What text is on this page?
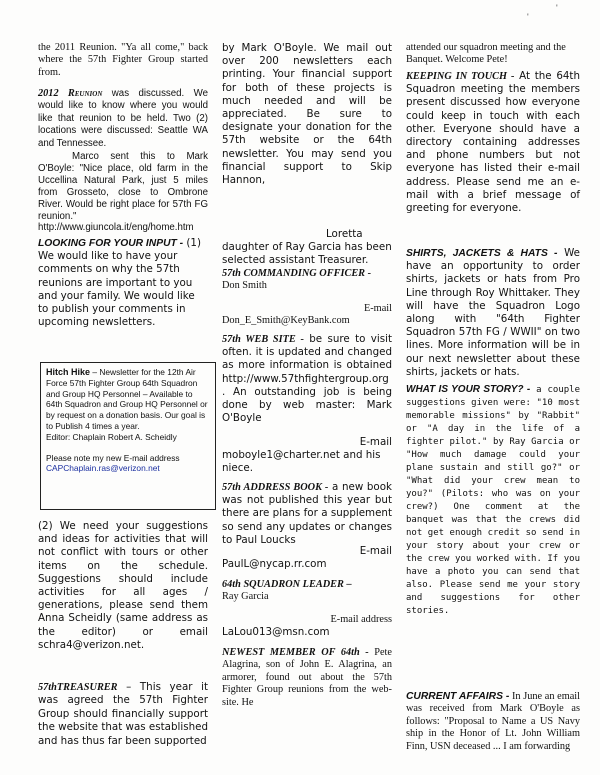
'
'

the 2011 Reunion. "Ya all come," back where the 57th Fighter Group started from.

2012 Reunion was discussed. We would like to know where you would like that reunion to be held. Two (2) locations were discussed: Seattle WA and Tennessee.

Marco sent this to Mark O'Boyle: "Nice place, old farm in the Uccellina Natural Park, just 5 miles from Grosseto, close to Ombrone River. Would be right place for 57th FG reunion." http://www.giuncola.it/eng/home.htm

LOOKING FOR YOUR INPUT - (1) We would like to have your comments on why the 57th reunions are important to you and your family. We would like to publish your comments in upcoming newsletters.

Hitch Hike – Newsletter for the 12th Air Force 57th Fighter Group 64th Squadron and Group HQ Personnel – Available to 64th Squadron and Group HQ Personnel or by request on a donation basis. Our goal is to Publish 4 times a year.
Editor: Chaplain Robert A. Scheidly
Please note my new E-mail address
CAPChaplain.ras@verizon.net

(2) We need your suggestions and ideas for activities that will not conflict with tours or other items on the schedule. Suggestions should include activities for all ages / generations, please send them Anna Scheidly (same address as the editor) or email schra4@verizon.net.

57thTREASURER – This year it was agreed the 57th Fighter Group should financially support the website that was established and has thus far been supported

by Mark O'Boyle. We mail out over 200 newsletters each printing. Your financial support for both of these projects is much needed and will be appreciated. Be sure to designate your donation for the 57th website or the 64th newsletter. You may send you financial support to Skip Hannon,

Loretta daughter of Ray Garcia has been selected assistant Treasurer.

57th COMMANDING OFFICER -
Don Smith
E-mail
Don_E_Smith@KeyBank.com

57th WEB SITE - be sure to visit often. it is updated and changed as more information is obtained http://www.57thfightergroup.org . An outstanding job is being done by web master: Mark O'Boyle

E-mail
moboyle1@charter.net and his niece.

57th ADDRESS BOOK - a new book was not published this year but there are plans for a supplement so send any updates or changes to Paul Loucks

E-mail
PaulL@nycap.rr.com
64th SQUADRON LEADER –
Ray Garcia
E-mail address
LaLou013@msn.com

NEWEST MEMBER OF 64th - Pete Alagrina, son of John E. Alagrina, an armorer, found out about the 57th Fighter Group reunions from the web-site. He

attended our squadron meeting and the Banquet. Welcome Pete!

KEEPING IN TOUCH - At the 64th Squadron meeting the members present discussed how everyone could keep in touch with each other. Everyone should have a directory containing addresses and phone numbers but not everyone has listed their e-mail address. Please send me an e-mail with a brief message of greeting for everyone.

SHIRTS, JACKETS & HATS - We have an opportunity to order shirts, jackets or hats from Pro Line through Roy Whittaker. They will have the Squadron Logo along with "64th Fighter Squadron 57th FG / WWII" on two lines. More information will be in our next newsletter about these shirts, jackets or hats.

WHAT IS YOUR STORY? - a couple suggestions given were: "10 most memorable missions" by "Rabbit" or "A day in the life of a fighter pilot." by Ray Garcia or "How much damage could your plane sustain and still go?" or "What did your crew mean to you?" (Pilots: who was on your crew?) One comment at the banquet was that the crews did not get enough credit so send in your story about your crew or the crew you worked with. If you have a photo you can send that also. Please send me your story and suggestions for other stories.

CURRENT AFFAIRS - In June an email was received from Mark O'Boyle as follows: "Proposal to Name a US Navy ship in the Honor of Lt. John William Finn, USN deceased ... I am forwarding
